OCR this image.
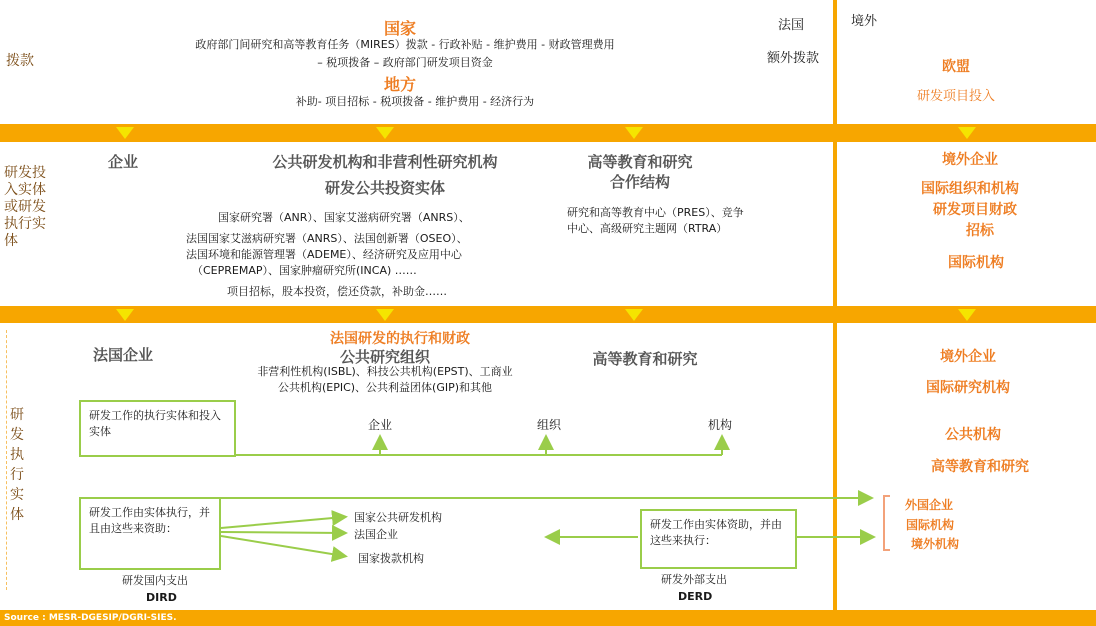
Source : MESR-DGESIP/DGRI-SIES.
拨款
国家
政府部门间研究和高等教育任务（MIRES）拨款 - 行政补贴 - 维护费用 - 财政管理费用
– 税项拨备 – 政府部门研发项目资金
地方
补助- 项目招标 - 税项拨备 - 维护费用 - 经济行为
法国
额外拨款
境外
欧盟
研发项目投入
研发投入实体或研发执行实体
企业	公共研发机构和非营利性研究机构
研发公共投资实体
国家研究署（ANR）、国家艾滋病研究署（ANRS）、
法国国家艾滋病研究署（ANRS）、法国创新署（OSEO）、
法国环境和能源管理署（ADEME）、经济研究及应用中心
（CEPREMAP）、国家肿瘤研究所(INCA) ……
项目招标，股本投资，偿还贷款，补助金……
高等教育和研究
合作结构
研究和高等教育中心（PRES）、竞争
中心、高级研究主题网（RTRA）
境外企业
国际组织和机构
研发项目财政
招标
国际机构
研发执行实体
法国研发的执行和财政
法国企业	公共研究组织
非营利性机构(ISBL)、科技公共机构(EPST)、工商业
公共机构(EPIC)、公共利益团体(GIP)和其他
高等教育和研究
研发工作的执行实体和投入实体	企业	组织	机构
研发工作由实体执行，并且由这些来资助：
国家公共研发机构
法国企业
国家拨款机构
研发国内支出
DIRD
研发工作由实体资助，并由这些来执行：
研发外部支出
DERD
境外企业
国际研究机构
公共机构
高等教育和研究
外国企业
国际机构
境外机构
